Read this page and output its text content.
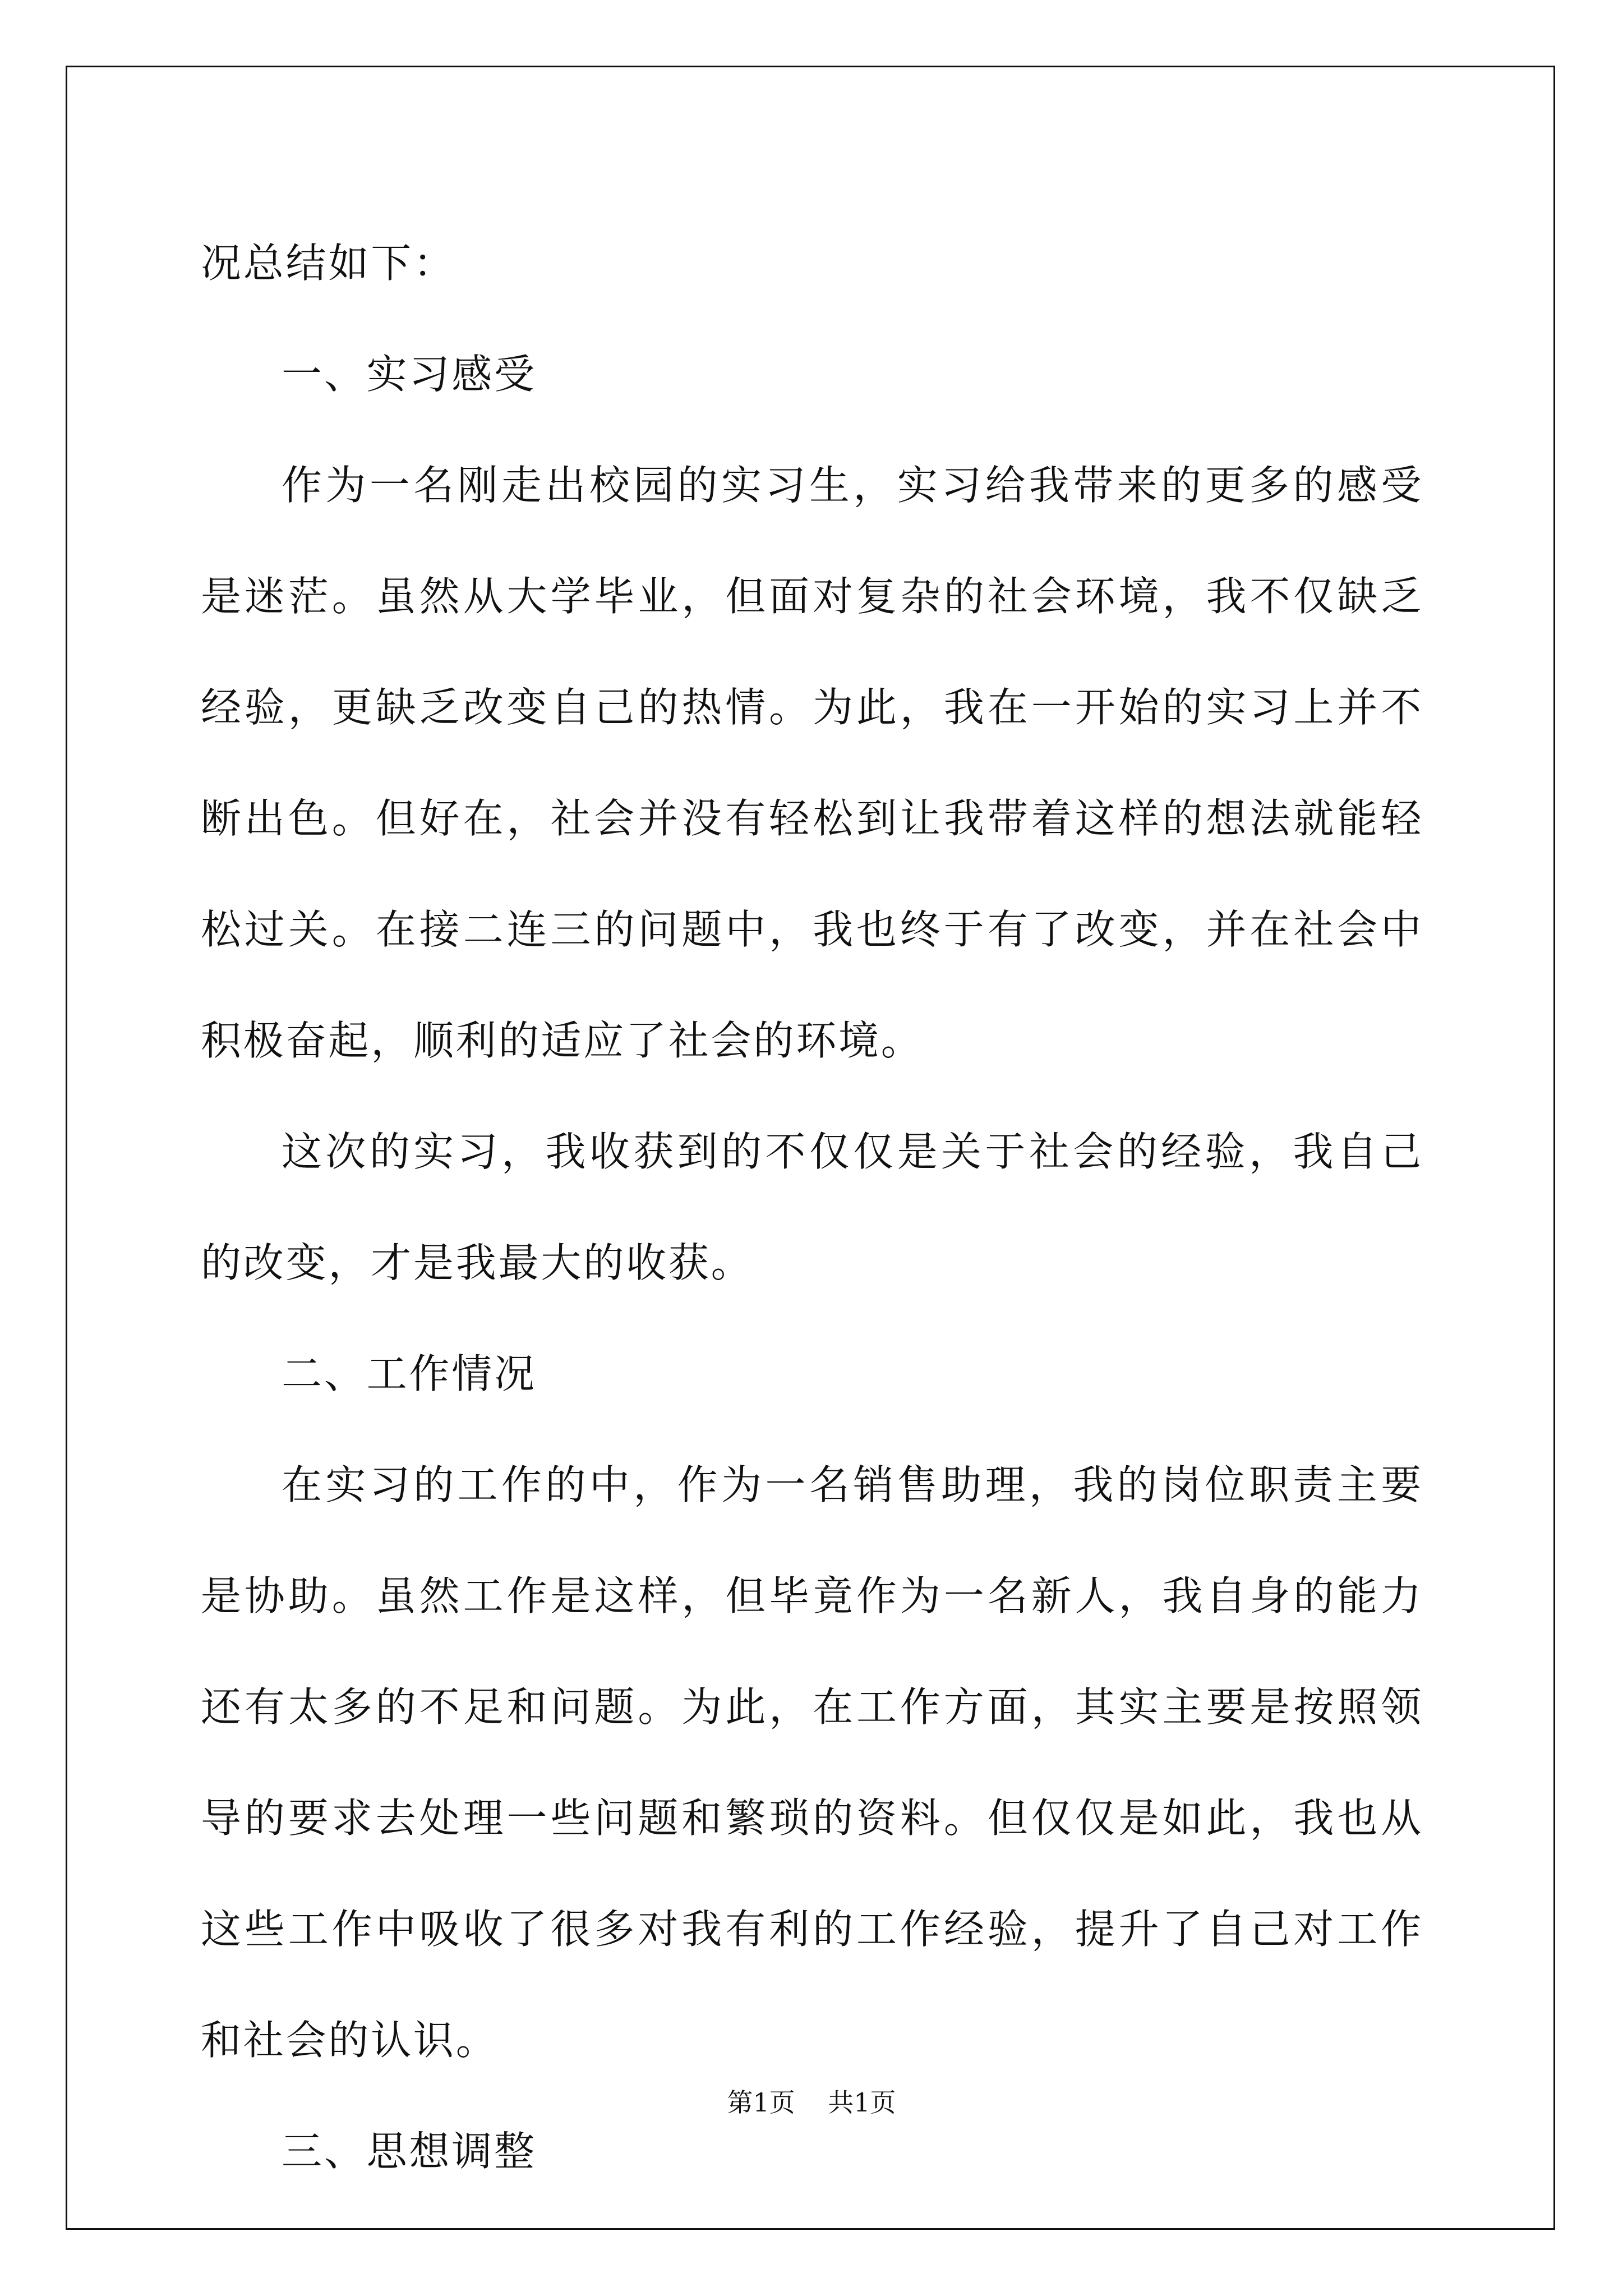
况总结如下：

一、实习感受

作为一名刚走出校园的实习生，实习给我带来的更多的感受是迷茫。虽然从大学毕业，但面对复杂的社会环境，我不仅缺乏经验，更缺乏改变自己的热情。为此，我在一开始的实习上并不断出色。但好在，社会并没有轻松到让我带着这样的想法就能轻松过关。在接二连三的问题中，我也终于有了改变，并在社会中积极奋起，顺利的适应了社会的环境。

这次的实习，我收获到的不仅仅是关于社会的经验，我自己的改变，才是我最大的收获。

二、工作情况

在实习的工作的中，作为一名销售助理，我的岗位职责主要是协助。虽然工作是这样，但毕竟作为一名新人，我自身的能力还有太多的不足和问题。为此，在工作方面，其实主要是按照领导的要求去处理一些问题和繁琐的资料。但仅仅是如此，我也从这些工作中吸收了很多对我有利的工作经验，提升了自己对工作和社会的认识。

三、思想调整

第1页 共1页
